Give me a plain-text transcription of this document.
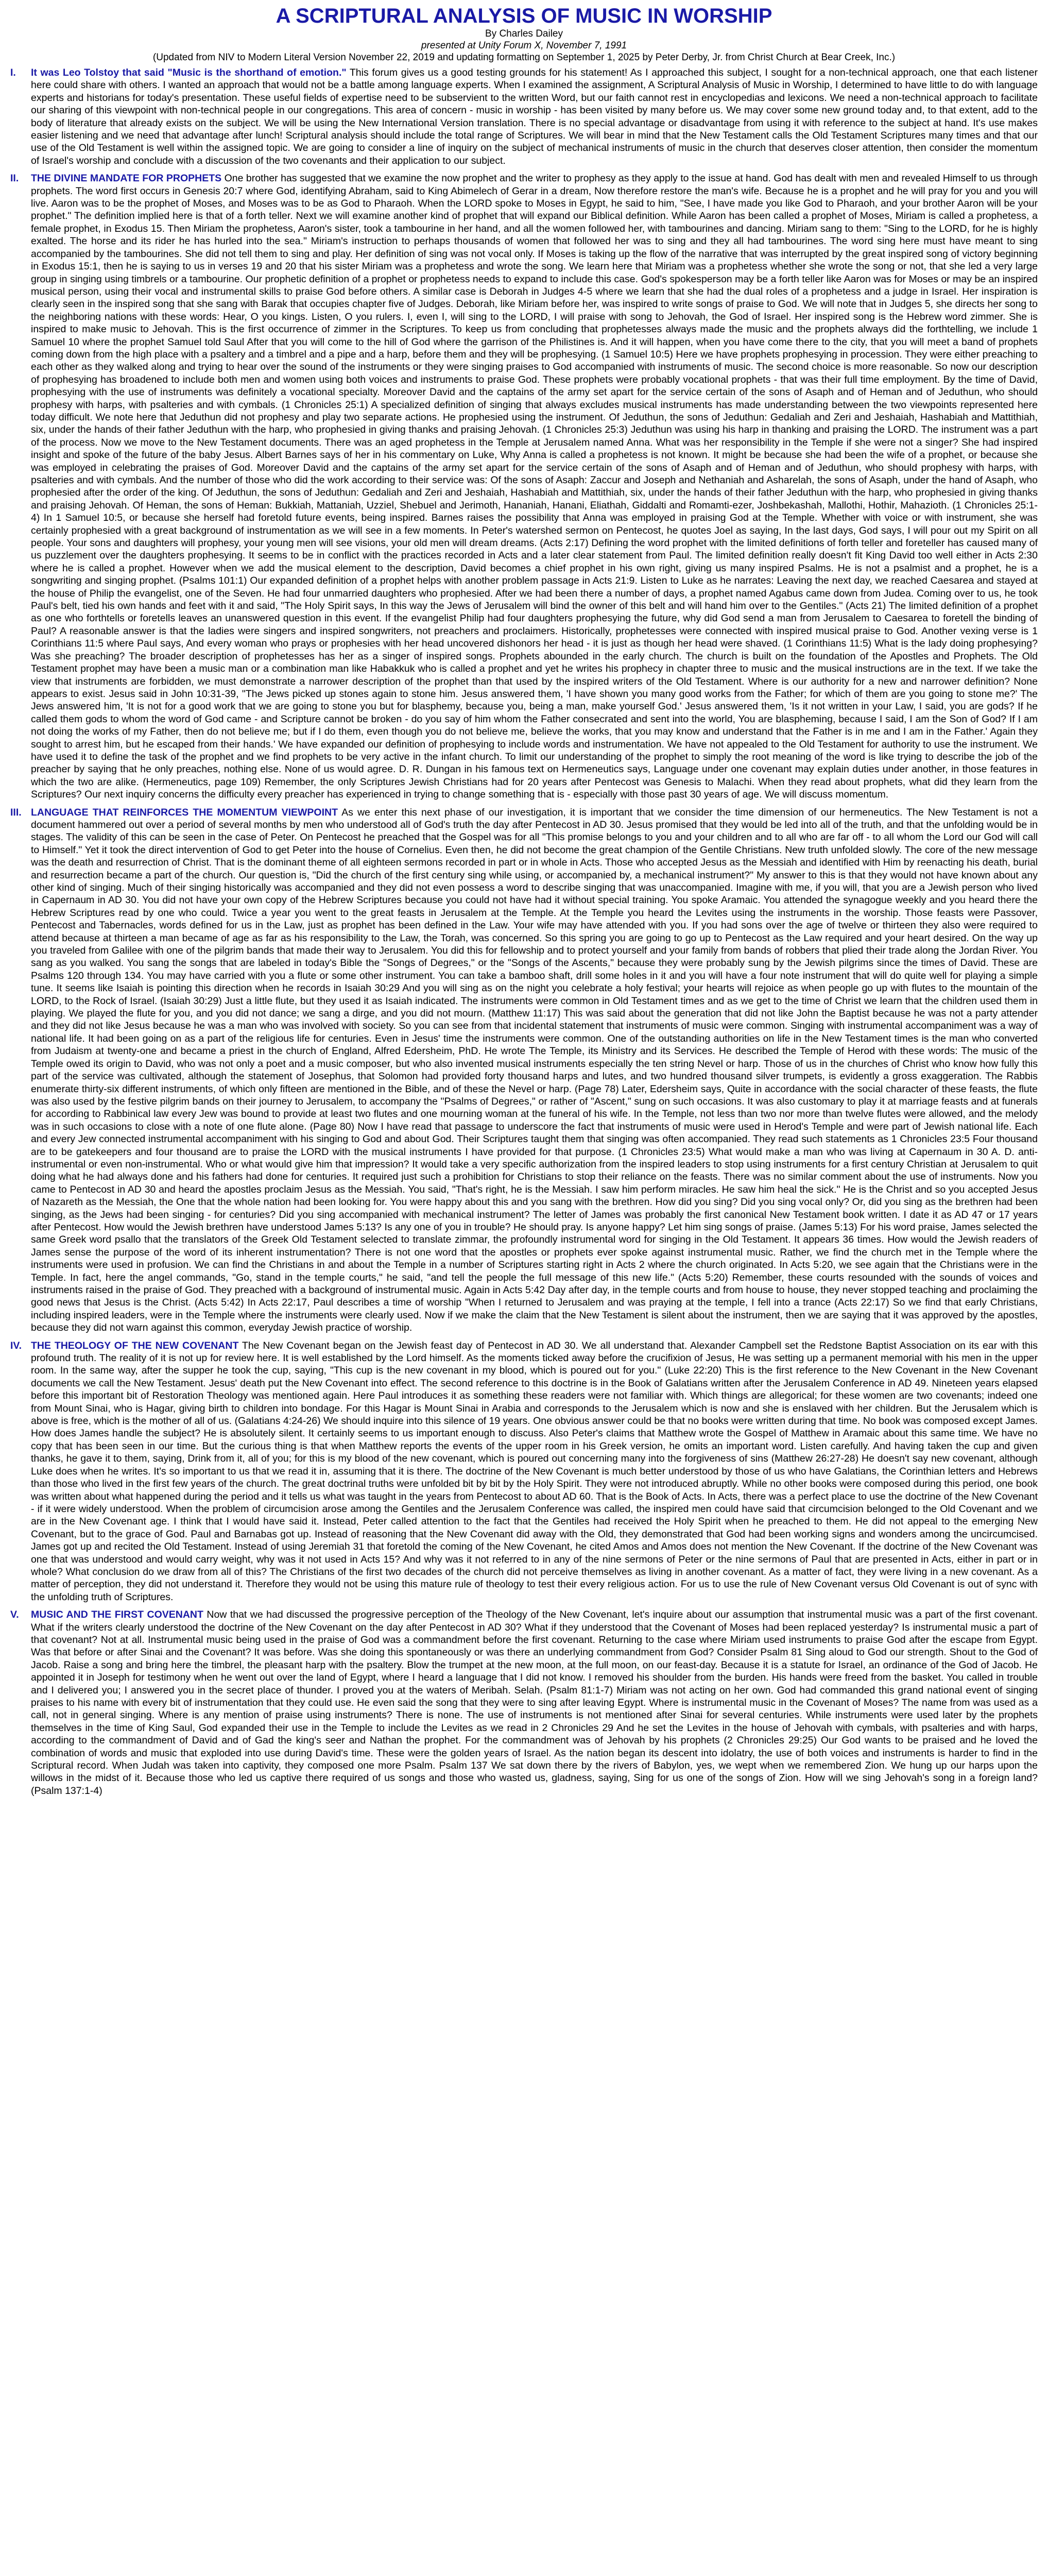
A SCRIPTURAL ANALYSIS OF MUSIC IN WORSHIP

By Charles Dailey

presented at Unity Forum X, November 7, 1991

(Updated from NIV to Modern Literal Version November 22, 2019 and updating formatting on September 1, 2025 by Peter Derby, Jr. from Christ Church at Bear Creek, Inc.)

I.	It was Leo Tolstoy that said "Music is the shorthand of emotion." This forum gives us a good testing grounds for his statement! As I approached this subject, I sought for a non-technical approach, one that each listener here could share with others. I wanted an approach that would not be a battle among language experts. When I examined the assignment, A Scriptural Analysis of Music in Worship, I determined to have little to do with language experts and historians for today's presentation. These useful fields of expertise need to be subservient to the written Word, but our faith cannot rest in encyclopedias and lexicons. We need a non-technical approach to facilitate our sharing of this viewpoint with non-technical people in our congregations. This area of concern - music in worship - has been visited by many before us. We may cover some new ground today and, to that extent, add to the body of literature that already exists on the subject. We will be using the New International Version translation. There is no special advantage or disadvantage from using it with reference to the subject at hand. It's use makes easier listening and we need that advantage after lunch! Scriptural analysis should include the total range of Scriptures. We will bear in mind that the New Testament calls the Old Testament Scriptures many times and that our use of the Old Testament is well within the assigned topic. We are going to consider a line of inquiry on the subject of mechanical instruments of music in the church that deserves closer attention, then consider the momentum of Israel's worship and conclude with a discussion of the two covenants and their application to our subject.
II.	THE DIVINE MANDATE FOR PROPHETS One brother has suggested that we examine the now prophet and the writer to prophesy as they apply to the issue at hand. God has dealt with men and revealed Himself to us through prophets. The word first occurs in Genesis 20:7 where God, identifying Abraham, said to King Abimelech of Gerar in a dream, Now therefore restore the man's wife. Because he is a prophet and he will pray for you and you will live. Aaron was to be the prophet of Moses, and Moses was to be as God to Pharaoh. When the LORD spoke to Moses in Egypt, he said to him, "See, I have made you like God to Pharaoh, and your brother Aaron will be your prophet." The definition implied here is that of a forth teller. Next we will examine another kind of prophet that will expand our Biblical definition. While Aaron has been called a prophet of Moses, Miriam is called a prophetess, a female prophet, in Exodus 15. Then Miriam the prophetess, Aaron's sister, took a tambourine in her hand, and all the women followed her, with tambourines and dancing. Miriam sang to them: "Sing to the LORD, for he is highly exalted. The horse and its rider he has hurled into the sea." Miriam's instruction to perhaps thousands of women that followed her was to sing and they all had tambourines. The word sing here must have meant to sing accompanied by the tambourines. She did not tell them to sing and play. Her definition of sing was not vocal only. If Moses is taking up the flow of the narrative that was interrupted by the great inspired song of victory beginning in Exodus 15:1, then he is saying to us in verses 19 and 20 that his sister Miriam was a prophetess and wrote the song. We learn here that Miriam was a prophetess whether she wrote the song or not, that she led a very large group in singing using timbrels or a tambourine. Our prophetic definition of a prophet or prophetess needs to expand to include this case. God's spokesperson may be a forth teller like Aaron was for Moses or may be an inspired musical person, using their vocal and instrumental skills to praise God before others. A similar case is Deborah in Judges 4-5 where we learn that she had the dual roles of a prophetess and a judge in Israel. Her inspiration is clearly seen in the inspired song that she sang with Barak that occupies chapter five of Judges. Deborah, like Miriam before her, was inspired to write songs of praise to God. We will note that in Judges 5, she directs her song to the neighboring nations with these words: Hear, O you kings. Listen, O you rulers. I, even I, will sing to the LORD, I will praise with song to Jehovah, the God of Israel. Her inspired song is the Hebrew word zimmer. She is inspired to make music to Jehovah. This is the first occurrence of zimmer in the Scriptures. To keep us from concluding that prophetesses always made the music and the prophets always did the forthtelling, we include 1 Samuel 10 where the prophet Samuel told Saul After that you will come to the hill of God where the garrison of the Philistines is. And it will happen, when you have come there to the city, that you will meet a band of prophets coming down from the high place with a psaltery and a timbrel and a pipe and a harp, before them and they will be prophesying. (1 Samuel 10:5) Here we have prophets prophesying in procession. They were either preaching to each other as they walked along and trying to hear over the sound of the instruments or they were singing praises to God accompanied with instruments of music. The second choice is more reasonable. So now our description of prophesying has broadened to include both men and women using both voices and instruments to praise God. These prophets were probably vocational prophets - that was their full time employment. By the time of David, prophesying with the use of instruments was definitely a vocational specialty. Moreover David and the captains of the army set apart for the service certain of the sons of Asaph and of Heman and of Jeduthun, who should prophesy with harps, with psalteries and with cymbals. (1 Chronicles 25:1) A specialized definition of singing that always excludes musical instruments has made understanding between the two viewpoints represented here today difficult. We note here that Jeduthun did not prophesy and play two separate actions. He prophesied using the instrument. Of Jeduthun, the sons of Jeduthun: Gedaliah and Zeri and Jeshaiah, Hashabiah and Mattithiah, six, under the hands of their father Jeduthun with the harp, who prophesied in giving thanks and praising Jehovah. (1 Chronicles 25:3) Jeduthun was using his harp in thanking and praising the LORD. The instrument was a part of the process. Now we move to the New Testament documents. There was an aged prophetess in the Temple at Jerusalem named Anna. What was her responsibility in the Temple if she were not a singer? She had inspired insight and spoke of the future of the baby Jesus. Albert Barnes says of her in his commentary on Luke, Why Anna is called a prophetess is not known. It might be because she had been the wife of a prophet, or because she was employed in celebrating the praises of God. Moreover David and the captains of the army set apart for the service certain of the sons of Asaph and of Heman and of Jeduthun, who should prophesy with harps, with psalteries and with cymbals. And the number of those who did the work according to their service was: Of the sons of Asaph: Zaccur and Joseph and Nethaniah and Asharelah, the sons of Asaph, under the hand of Asaph, who prophesied after the order of the king. Of Jeduthun, the sons of Jeduthun: Gedaliah and Zeri and Jeshaiah, Hashabiah and Mattithiah, six, under the hands of their father Jeduthun with the harp, who prophesied in giving thanks and praising Jehovah. Of Heman, the sons of Heman: Bukkiah, Mattaniah, Uzziel, Shebuel and Jerimoth, Hananiah, Hanani, Eliathah, Giddalti and Romamti-ezer, Joshbekashah, Mallothi, Hothir, Mahazioth. (1 Chronicles 25:1-4) In 1 Samuel 10:5, or because she herself had foretold future events, being inspired. Barnes raises the possibility that Anna was employed in praising God at the Temple. Whether with voice or with instrument, she was certainly prophesied with a great background of instrumentation as we will see in a few moments. In Peter's watershed sermon on Pentecost, he quotes Joel as saying, In the last days, God says, I will pour out my Spirit on all people. Your sons and daughters will prophesy, your young men will see visions, your old men will dream dreams. (Acts 2:17) Defining the word prophet with the limited definitions of forth teller and foreteller has caused many of us puzzlement over the daughters prophesying. It seems to be in conflict with the practices recorded in Acts and a later clear statement from Paul. The limited definition really doesn't fit King David too well either in Acts 2:30 where he is called a prophet. However when we add the musical element to the description, David becomes a chief prophet in his own right, giving us many inspired Psalms. He is not a psalmist and a prophet, he is a songwriting and singing prophet. (Psalms 101:1) Our expanded definition of a prophet helps with another problem passage in Acts 21:9. Listen to Luke as he narrates: Leaving the next day, we reached Caesarea and stayed at the house of Philip the evangelist, one of the Seven. He had four unmarried daughters who prophesied. After we had been there a number of days, a prophet named Agabus came down from Judea. Coming over to us, he took Paul's belt, tied his own hands and feet with it and said, "The Holy Spirit says, In this way the Jews of Jerusalem will bind the owner of this belt and will hand him over to the Gentiles." (Acts 21) The limited definition of a prophet as one who forthtells or foretells leaves an unanswered question in this event. If the evangelist Philip had four daughters prophesying the future, why did God send a man from Jerusalem to Caesarea to foretell the binding of Paul? A reasonable answer is that the ladies were singers and inspired songwriters, not preachers and proclaimers. Historically, prophetesses were connected with inspired musical praise to God. Another vexing verse is 1 Corinthians 11:5 where Paul says, And every woman who prays or prophesies with her head uncovered dishonors her head - it is just as though her head were shaved. (1 Corinthians 11:5) What is the lady doing prophesying? Was she preaching? The broader description of prophetesses has her as a singer of inspired songs. Prophets abounded in the early church. The church is built on the foundation of the Apostles and Prophets. The Old Testament prophet may have been a music man or a combination man like Habakkuk who is called a prophet and yet he writes his prophecy in chapter three to music and the musical instructions are in the text. If we take the view that instruments are forbidden, we must demonstrate a narrower description of the prophet than that used by the inspired writers of the Old Testament. Where is our authority for a new and narrower definition? None appears to exist. Jesus said in John 10:31-39, "The Jews picked up stones again to stone him. Jesus answered them, 'I have shown you many good works from the Father; for which of them are you going to stone me?' The Jews answered him, 'It is not for a good work that we are going to stone you but for blasphemy, because you, being a man, make yourself God.' Jesus answered them, 'Is it not written in your Law, I said, you are gods? If he called them gods to whom the word of God came - and Scripture cannot be broken - do you say of him whom the Father consecrated and sent into the world, You are blaspheming, because I said, I am the Son of God? If I am not doing the works of my Father, then do not believe me; but if I do them, even though you do not believe me, believe the works, that you may know and understand that the Father is in me and I am in the Father.' Again they sought to arrest him, but he escaped from their hands.' We have expanded our definition of prophesying to include words and instrumentation. We have not appealed to the Old Testament for authority to use the instrument. We have used it to define the task of the prophet and we find prophets to be very active in the infant church. To limit our understanding of the prophet to simply the root meaning of the word is like trying to describe the job of the preacher by saying that he only preaches, nothing else. None of us would agree. D. R. Dungan in his famous text on Hermeneutics says, Language under one covenant may explain duties under another, in those features in which the two are alike. (Hermeneutics, page 109) Remember, the only Scriptures Jewish Christians had for 20 years after Pentecost was Genesis to Malachi. When they read about prophets, what did they learn from the Scriptures? Our next inquiry concerns the difficulty every preacher has experienced in trying to change something that is - especially with those past 30 years of age. We will discuss momentum.
III. LANGUAGE THAT REINFORCES THE MOMENTUM VIEWPOINT As we enter this next phase of our investigation, it is important that we consider the time dimension of our hermeneutics. The New Testament is not a document hammered out over a period of several months by men who understood all of God's truth the day after Pentecost in AD 30. Jesus promised that they would be led into all of the truth, and that the unfolding would be in stages. The validity of this can be seen in the case of Peter. On Pentecost he preached that the Gospel was for all "This promise belongs to you and your children and to all who are far off - to all whom the Lord our God will call to Himself." Yet it took the direct intervention of God to get Peter into the house of Cornelius. Even then, he did not become the great champion of the Gentile Christians. New truth unfolded slowly. The core of the new message was the death and resurrection of Christ. That is the dominant theme of all eighteen sermons recorded in part or in whole in Acts. Those who accepted Jesus as the Messiah and identified with Him by reenacting his death, burial and resurrection became a part of the church. Our question is, "Did the church of the first century sing while using, or accompanied by, a mechanical instrument?" My answer to this is that they would not have known about any other kind of singing. Much of their singing historically was accompanied and they did not even possess a word to describe singing that was unaccompanied. Imagine with me, if you will, that you are a Jewish person who lived in Capernaum in AD 30. You did not have your own copy of the Hebrew Scriptures because you could not have had it without special training. You spoke Aramaic. You attended the synagogue weekly and you heard there the Hebrew Scriptures read by one who could. Twice a year you went to the great feasts in Jerusalem at the Temple. At the Temple you heard the Levites using the instruments in the worship. Those feasts were Passover, Pentecost and Tabernacles, words defined for us in the Law, just as prophet has been defined in the Law. Your wife may have attended with you. If you had sons over the age of twelve or thirteen they also were required to attend because at thirteen a man became of age as far as his responsibility to the Law, the Torah, was concerned. So this spring you are going to go up to Pentecost as the Law required and your heart desired. On the way up you traveled from Galilee with one of the pilgrim bands that made their way to Jerusalem. You did this for fellowship and to protect yourself and your family from bands of robbers that plied their trade along the Jordan River. You sang as you walked. You sang the songs that are labeled in today's Bible the "Songs of Degrees," or the "Songs of the Ascents," because they were probably sung by the Jewish pilgrims since the times of David. These are Psalms 120 through 134. You may have carried with you a flute or some other instrument. You can take a bamboo shaft, drill some holes in it and you will have a four note instrument that will do quite well for playing a simple tune. It seems like Isaiah is pointing this direction when he records in Isaiah 30:29 And you will sing as on the night you celebrate a holy festival; your hearts will rejoice as when people go up with flutes to the mountain of the LORD, to the Rock of Israel. (Isaiah 30:29) Just a little flute, but they used it as Isaiah indicated. The instruments were common in Old Testament times and as we get to the time of Christ we learn that the children used them in playing. We played the flute for you, and you did not dance; we sang a dirge, and you did not mourn. (Matthew 11:17) This was said about the generation that did not like John the Baptist because he was not a party attender and they did not like Jesus because he was a man who was involved with society. So you can see from that incidental statement that instruments of music were common. Singing with instrumental accompaniment was a way of national life. It had been going on as a part of the religious life for centuries. Even in Jesus' time the instruments were common. One of the outstanding authorities on life in the New Testament times is the man who converted from Judaism at twenty-one and became a priest in the church of England, Alfred Edersheim, PhD. He wrote The Temple, its Ministry and its Services. He described the Temple of Herod with these words: The music of the Temple owed its origin to David, who was not only a poet and a music composer, but who also invented musical instruments especially the ten string Nevel or harp. Those of us in the churches of Christ who know how fully this part of the service was cultivated, although the statement of Josephus, that Solomon had provided forty thousand harps and lutes, and two hundred thousand silver trumpets, is evidently a gross exaggeration. The Rabbis enumerate thirty-six different instruments, of which only fifteen are mentioned in the Bible, and of these the Nevel or harp. (Page 78) Later, Edersheim says, Quite in accordance with the social character of these feasts, the flute was also used by the festive pilgrim bands on their journey to Jerusalem, to accompany the "Psalms of Degrees," or rather of "Ascent," sung on such occasions. It was also customary to play it at marriage feasts and at funerals for according to Rabbinical law every Jew was bound to provide at least two flutes and one mourning woman at the funeral of his wife. In the Temple, not less than two nor more than twelve flutes were allowed, and the melody was in such occasions to close with a note of one flute alone. (Page 80) Now I have read that passage to underscore the fact that instruments of music were used in Herod's Temple and were part of Jewish national life. Each and every Jew connected instrumental accompaniment with his singing to God and about God. Their Scriptures taught them that singing was often accompanied. They read such statements as 1 Chronicles 23:5 Four thousand are to be gatekeepers and four thousand are to praise the LORD with the musical instruments I have provided for that purpose. (1 Chronicles 23:5) What would make a man who was living at Capernaum in 30 A. D. anti-instrumental or even non-instrumental. Who or what would give him that impression? It would take a very specific authorization from the inspired leaders to stop using instruments for a first century Christian at Jerusalem to quit doing what he had always done and his fathers had done for centuries. It required just such a prohibition for Christians to stop their reliance on the feasts. There was no similar comment about the use of instruments. Now you came to Pentecost in AD 30 and heard the apostles proclaim Jesus as the Messiah. You said, "That's right, he is the Messiah. I saw him perform miracles. He saw him heal the sick." He is the Christ and so you accepted Jesus of Nazareth as the Messiah, the One that the whole nation had been looking for. You were happy about this and you sang with the brethren. How did you sing? Did you sing vocal only? Or, did you sing as the brethren had been singing, as the Jews had been singing - for centuries? Did you sing accompanied with mechanical instrument? The letter of James was probably the first canonical New Testament book written. I date it as AD 47 or 17 years after Pentecost. How would the Jewish brethren have understood James 5:13? Is any one of you in trouble? He should pray. Is anyone happy? Let him sing songs of praise. (James 5:13) For his word praise, James selected the same Greek word psallo that the translators of the Greek Old Testament selected to translate zimmar, the profoundly instrumental word for singing in the Old Testament. It appears 36 times. How would the Jewish readers of James sense the purpose of the word of its inherent instrumentation? There is not one word that the apostles or prophets ever spoke against instrumental music. Rather, we find the church met in the Temple where the instruments were used in profusion. We can find the Christians in and about the Temple in a number of Scriptures starting right in Acts 2 where the church originated. In Acts 5:20, we see again that the Christians were in the Temple. In fact, here the angel commands, "Go, stand in the temple courts," he said, "and tell the people the full message of this new life." (Acts 5:20) Remember, these courts resounded with the sounds of voices and instruments raised in the praise of God. They preached with a background of instrumental music. Again in Acts 5:42 Day after day, in the temple courts and from house to house, they never stopped teaching and proclaiming the good news that Jesus is the Christ. (Acts 5:42) In Acts 22:17, Paul describes a time of worship "When I returned to Jerusalem and was praying at the temple, I fell into a trance (Acts 22:17) So we find that early Christians, including inspired leaders, were in the Temple where the instruments were clearly used. Now if we make the claim that the New Testament is silent about the instrument, then we are saying that it was approved by the apostles, because they did not warn against this common, everyday Jewish practice of worship.
IV. THE THEOLOGY OF THE NEW COVENANT The New Covenant began on the Jewish feast day of Pentecost in AD 30. We all understand that. Alexander Campbell set the Redstone Baptist Association on its ear with this profound truth. The reality of it is not up for review here. It is well established by the Lord himself. As the moments ticked away before the crucifixion of Jesus, He was setting up a permanent memorial with his men in the upper room. In the same way, after the supper he took the cup, saying, "This cup is the new covenant in my blood, which is poured out for you." (Luke 22:20) This is the first reference to the New Covenant in the New Covenant documents we call the New Testament. Jesus' death put the New Covenant into effect. The second reference to this doctrine is in the Book of Galatians written after the Jerusalem Conference in AD 49. Nineteen years elapsed before this important bit of Restoration Theology was mentioned again. Here Paul introduces it as something these readers were not familiar with. Which things are allegorical; for these women are two covenants; indeed one from Mount Sinai, who is Hagar, giving birth to children into bondage. For this Hagar is Mount Sinai in Arabia and corresponds to the Jerusalem which is now and she is enslaved with her children. But the Jerusalem which is above is free, which is the mother of all of us. (Galatians 4:24-26) We should inquire into this silence of 19 years. One obvious answer could be that no books were written during that time. No book was composed except James. How does James handle the subject? He is absolutely silent. It certainly seems to us important enough to discuss. Also Peter's claims that Matthew wrote the Gospel of Matthew in Aramaic about this same time. We have no copy that has been seen in our time. But the curious thing is that when Matthew reports the events of the upper room in his Greek version, he omits an important word. Listen carefully. And having taken the cup and given thanks, he gave it to them, saying, Drink from it, all of you; for this is my blood of the new covenant, which is poured out concerning many into the forgiveness of sins (Matthew 26:27-28) He doesn't say new covenant, although Luke does when he writes. It's so important to us that we read it in, assuming that it is there. The doctrine of the New Covenant is much better understood by those of us who have Galatians, the Corinthian letters and Hebrews than those who lived in the first few years of the church. The great doctrinal truths were unfolded bit by bit by the Holy Spirit. They were not introduced abruptly. While no other books were composed during this period, one book was written about what happened during the period and it tells us what was taught in the years from Pentecost to about AD 60. That is the Book of Acts. In Acts, there was a perfect place to use the doctrine of the New Covenant - if it were widely understood. When the problem of circumcision arose among the Gentiles and the Jerusalem Conference was called, the inspired men could have said that circumcision belonged to the Old Covenant and we are in the New Covenant age. I think that I would have said it. Instead, Peter called attention to the fact that the Gentiles had received the Holy Spirit when he preached to them. He did not appeal to the emerging New Covenant, but to the grace of God. Paul and Barnabas got up. Instead of reasoning that the New Covenant did away with the Old, they demonstrated that God had been working signs and wonders among the uncircumcised. James got up and recited the Old Testament. Instead of using Jeremiah 31 that foretold the coming of the New Covenant, he cited Amos and Amos does not mention the New Covenant. If the doctrine of the New Covenant was one that was understood and would carry weight, why was it not used in Acts 15? And why was it not referred to in any of the nine sermons of Peter or the nine sermons of Paul that are presented in Acts, either in part or in whole? What conclusion do we draw from all of this? The Christians of the first two decades of the church did not perceive themselves as living in another covenant. As a matter of fact, they were living in a new covenant. As a matter of perception, they did not understand it. Therefore they would not be using this mature rule of theology to test their every religious action. For us to use the rule of New Covenant versus Old Covenant is out of sync with the unfolding truth of Scriptures.
V.	MUSIC AND THE FIRST COVENANT Now that we had discussed the progressive perception of the Theology of the New Covenant, let's inquire about our assumption that instrumental music was a part of the first covenant. What if the writers clearly understood the doctrine of the New Covenant on the day after Pentecost in AD 30? What if they understood that the Covenant of Moses had been replaced yesterday? Is instrumental music a part of that covenant? Not at all. Instrumental music being used in the praise of God was a commandment before the first covenant. Returning to the case where Miriam used instruments to praise God after the escape from Egypt. Was that before or after Sinai and the Covenant? It was before. Was she doing this spontaneously or was there an underlying commandment from God? Consider Psalm 81 Sing aloud to God our strength. Shout to the God of Jacob. Raise a song and bring here the timbrel, the pleasant harp with the psaltery. Blow the trumpet at the new moon, at the full moon, on our feast-day. Because it is a statute for Israel, an ordinance of the God of Jacob. He appointed it in Joseph for testimony when he went out over the land of Egypt, where I heard a language that I did not know. I removed his shoulder from the burden. His hands were freed from the basket. You called in trouble and I delivered you; I answered you in the secret place of thunder. I proved you at the waters of Meribah. Selah. (Psalm 81:1-7) Miriam was not acting on her own. God had commanded this grand national event of singing praises to his name with every bit of instrumentation that they could use. He even said the song that they were to sing after leaving Egypt. Where is instrumental music in the Covenant of Moses? The name from was used as a call, not in general singing. Where is any mention of praise using instruments? There is none. The use of instruments is not mentioned after Sinai for several centuries. While instruments were used later by the prophets themselves in the time of King Saul, God expanded their use in the Temple to include the Levites as we read in 2 Chronicles 29 And he set the Levites in the house of Jehovah with cymbals, with psalteries and with harps, according to the commandment of David and of Gad the king's seer and Nathan the prophet. For the commandment was of Jehovah by his prophets (2 Chronicles 29:25) Our God wants to be praised and he loved the combination of words and music that exploded into use during David's time. These were the golden years of Israel. As the nation began its descent into idolatry, the use of both voices and instruments is harder to find in the Scriptural record. When Judah was taken into captivity, they composed one more Psalm. Psalm 137 We sat down there by the rivers of Babylon, yes, we wept when we remembered Zion. We hung up our harps upon the willows in the midst of it. Because those who led us captive there required of us songs and those who wasted us, gladness, saying, Sing for us one of the songs of Zion. How will we sing Jehovah's song in a foreign land? (Psalm 137:1-4)
